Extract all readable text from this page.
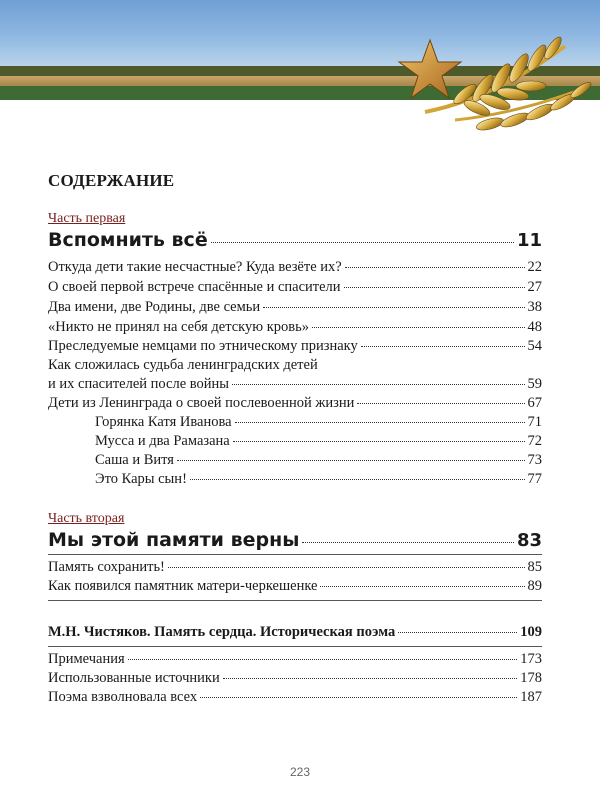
СОДЕРЖАНИЕ
Часть первая
Вспомнить всё	11
Откуда дети такие несчастные? Куда везёте их?	22
О своей первой встрече спасённые и спасители	27
Два имени, две Родины, две семьи	38
«Никто не принял на себя детскую кровь»	48
Преследуемые немцами по этническому признаку	54
Как сложилась судьба ленинградских детей
и их спасителей после войны	59
Дети из Ленинграда о своей послевоенной жизни	67
Горянка Катя Иванова	71
Мусса и два Рамазана	72
Саша и Витя	73
Это Кары сын!	77
Часть вторая
Мы этой памяти верны	83
Память сохранить!	85
Как появился памятник матери-черкешенке	89
М.Н. Чистяков. Память сердца. Историческая поэма	109
Примечания	173
Использованные источники	178
Поэма взволновала всех	187
223
